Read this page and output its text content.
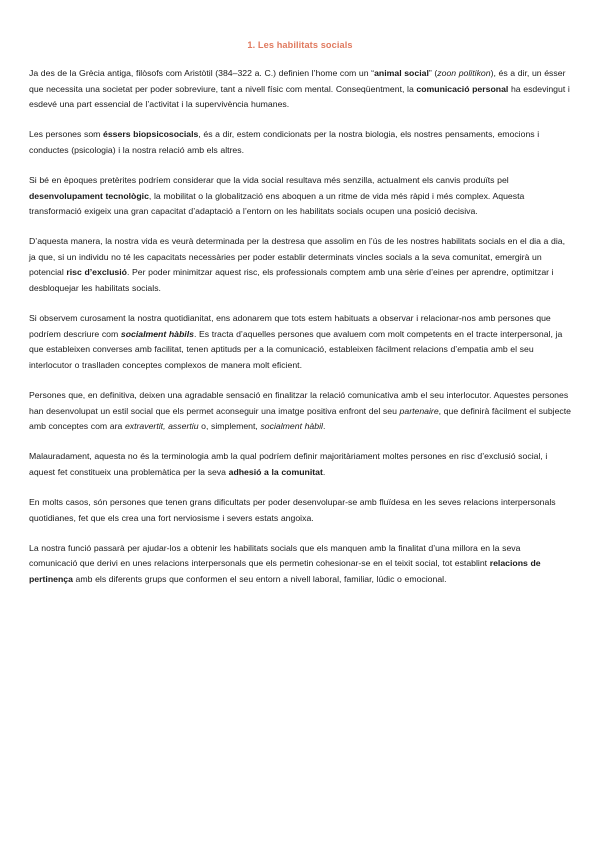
1. Les habilitats socials

Ja des de la Grècia antiga, filòsofs com Aristòtil (384–322 a. C.) definien l’home com un “animal social” (zoon politikon), és a dir, un ésser que necessita una societat per poder sobreviure, tant a nivell físic com mental. Conseqüentment, la comunicació personal ha esdevingut i esdevé una part essencial de l’activitat i la supervivència humanes.

Les persones som éssers biopsicosocials, és a dir, estem condicionats per la nostra biologia, els nostres pensaments, emocions i conductes (psicologia) i la nostra relació amb els altres.

Si bé en èpoques pretèrites podríem considerar que la vida social resultava més senzilla, actualment els canvis produïts pel desenvolupament tecnològic, la mobilitat o la globalització ens aboquen a un ritme de vida més ràpid i més complex. Aquesta transformació exigeix una gran capacitat d’adaptació a l’entorn on les habilitats socials ocupen una posició decisiva.

D’aquesta manera, la nostra vida es veurà determinada per la destresa que assolim en l’ús de les nostres habilitats socials en el dia a dia, ja que, si un individu no té les capacitats necessàries per poder establir determinats vincles socials a la seva comunitat, emergirà un potencial risc d’exclusió. Per poder minimitzar aquest risc, els professionals comptem amb una sèrie d’eines per aprendre, optimitzar i desbloquejar les habilitats socials.

Si observem curosament la nostra quotidianitat, ens adonarem que tots estem habituats a observar i relacionar-nos amb persones que podríem descriure com socialment hàbils. Es tracta d’aquelles persones que avaluem com molt competents en el tracte interpersonal, ja que estableixen converses amb facilitat, tenen aptituds per a la comunicació, estableixen fàcilment relacions d’empatia amb el seu interlocutor o traslladen conceptes complexos de manera molt eficient.

Persones que, en definitiva, deixen una agradable sensació en finalitzar la relació comunicativa amb el seu interlocutor. Aquestes persones han desenvolupat un estil social que els permet aconseguir una imatge positiva enfront del seu partenaire, que definirà fàcilment el subjecte amb conceptes com ara extravertit, assertiu o, simplement, socialment hàbil.

Malauradament, aquesta no és la terminologia amb la qual podríem definir majoritàriament moltes persones en risc d’exclusió social, i aquest fet constitueix una problemàtica per la seva adhesió a la comunitat.

En molts casos, són persones que tenen grans dificultats per poder desenvolupar-se amb fluïdesa en les seves relacions interpersonals quotidianes, fet que els crea una fort nerviosisme i severs estats angoixa.

La nostra funció passarà per ajudar-los a obtenir les habilitats socials que els manquen amb la finalitat d’una millora en la seva comunicació que derivi en unes relacions interpersonals que els permetin cohesionar-se en el teixit social, tot establint relacions de pertinença amb els diferents grups que conformen el seu entorn a nivell laboral, familiar, lúdic o emocional.
